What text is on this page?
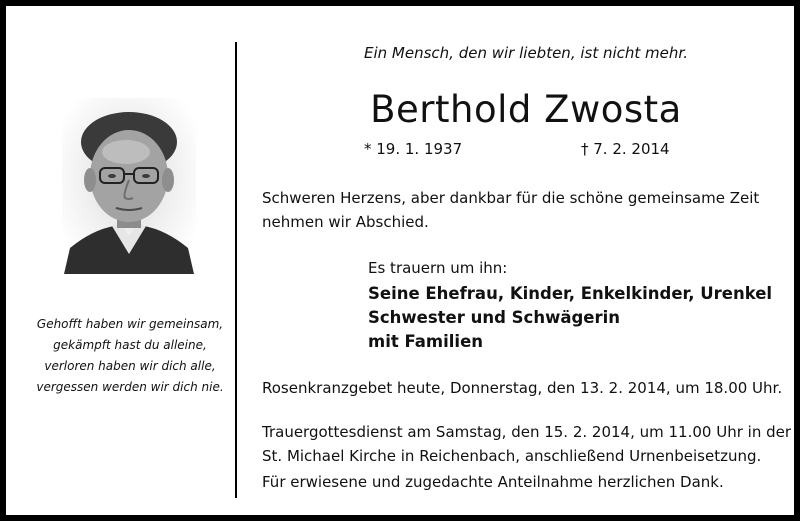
Gehofft haben wir gemeinsam,
gekämpft hast du alleine,
verloren haben wir dich alle,
vergessen werden wir dich nie.
Ein Mensch, den wir liebten, ist nicht mehr.
Berthold Zwosta
* 19. 1. 1937	† 7. 2. 2014
Schweren Herzens, aber dankbar für die schöne gemeinsame Zeit
nehmen wir Abschied.
Es trauern um ihn:
Seine Ehefrau, Kinder, Enkelkinder, Urenkel
Schwester und Schwägerin
mit Familien
Rosenkranzgebet heute, Donnerstag, den 13. 2. 2014, um 18.00 Uhr.
Trauergottesdienst am Samstag, den 15. 2. 2014, um 11.00 Uhr in der
St. Michael Kirche in Reichenbach, anschließend Urnenbeisetzung.
Für erwiesene und zugedachte Anteilnahme herzlichen Dank.
